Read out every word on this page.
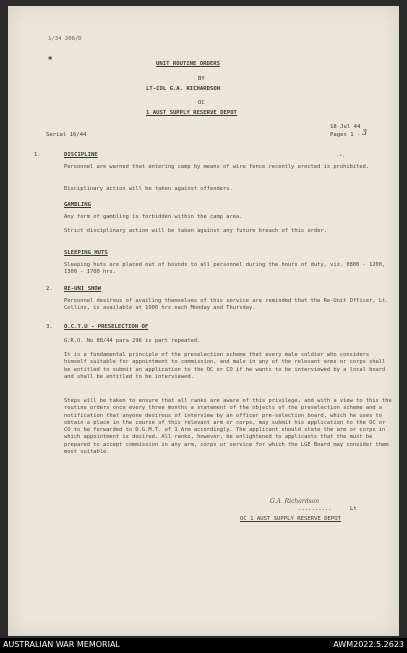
1/34 208/D
✱
UNIT ROUTINE ORDERS
BY
LT-COL G.A. RICHARDSON
OC
1 AUST SUPPLY RESERVE DEPOT
Serial 16/44
18 Jul 44
Pages 1 - 3
1.	DISCIPLINE
Personnel are warned that entering camp by means of wire fence recently erected is prohibited.
Disciplinary action will be taken against offenders.
GAMBLING
Any form of gambling is forbidden within the camp area.
Strict disciplinary action will be taken against any future breach of this order.
SLEEPING HUTS
Sleeping huts are placed out of bounds to all personnel during the hours of duty, viz. 0800 - 1200, 1300 - 1700 hrs.
2. RE-UNI SHOW
Personnel desirous of availing themselves of this service are reminded that the Re-Unit Officer, Lt. Collins, is available at 1900 hrs each Monday and Thursday.
3. O.C.T.U - PRESELECTION OF
G.R.O. No 88/44 para 296 is part repeated.
It is a fundamental principle of the preselection scheme that every male soldier who considers himself suitable for appointment to commission, and male in any of the relevant arms or corps shall be entitled to submit an application to the OC or CO if he wants to be interviewed by a local board and shall be entitled to be interviewed.
Steps will be taken to ensure that all ranks are aware of this privilege, and with a view to this the routine orders once every three months a statement of the objects of the preselection scheme and a notification that anyone desirous of interview by an officer pre-selection board, which he uses to obtain a place in the course of this relevant arm or corps, may submit his application to the OC or CO to be forwarded to D.G.M.T. of 1 Arm accordingly. The applicant should state the arm or corps in which appointment is desired. All ranks, however, be enlightened to applicants that the must be prepared to accept commission in any arm, corps or service for which the LGE Board may consider them most suitable.
G.A. Richardson
..........	Lt
OC 1 AUST SUPPLY RESERVE DEPOT
·ᵃ·
AUSTRALIAN WAR MEMORIAL	AWM2022.5.2623
